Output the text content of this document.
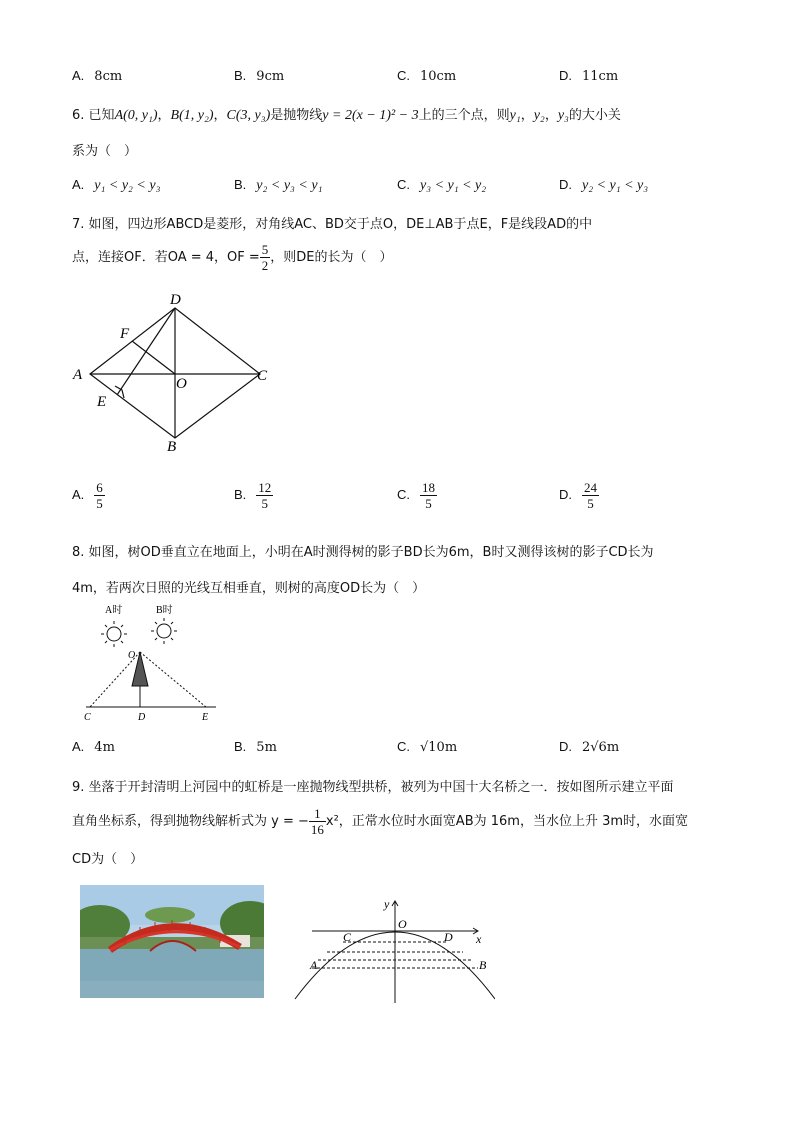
A. 8cm	B. 9cm	C. 10cm	D. 11cm
6. 已知A(0, y₁)，B(1, y₂)，C(3, y₃)是抛物线y = 2(x − 1)² − 3上的三个点，则y₁，y₂，y₃的大小关
系为（　）
A. y₁ < y₂ < y₃	B. y₂ < y₃ < y₁	C. y₃ < y₁ < y₂	D. y₂ < y₁ < y₃
7. 如图，四边形ABCD是菱形，对角线AC、BD交于点O，DE⊥AB于点E，F是线段AD的中
点，连接OF．若OA = 4，OF = $\frac{5}{2}$ ，则DE的长为（　）
D
F
A
O	C
E
B
A. $\frac{6}{5}$	B. $\frac{12}{5}$	C. $\frac{18}{5}$	D. $\frac{24}{5}$
8. 如图，树OD垂直立在地面上，小明在A时测得树的影子BD长为6m，B时又测得该树的影子CD长为
4m，若两次日照的光线互相垂直，则树的高度OD长为（　）
A时	B时
O
C	D	E
A. 4m	B. 5m	C. √10m	D. 2√6m
9. 坐落于开封清明上河园中的虹桥是一座抛物线型拱桥，被列为中国十大名桥之一．按如图所示建立平面
直角坐标系，得到抛物线解析式为 y = − $\frac{1}{16} x^2$，正常水位时水面宽AB为 16m，当水位上升 3m时，水面宽
CD为（　）
y
x
O
C	D
A	B
